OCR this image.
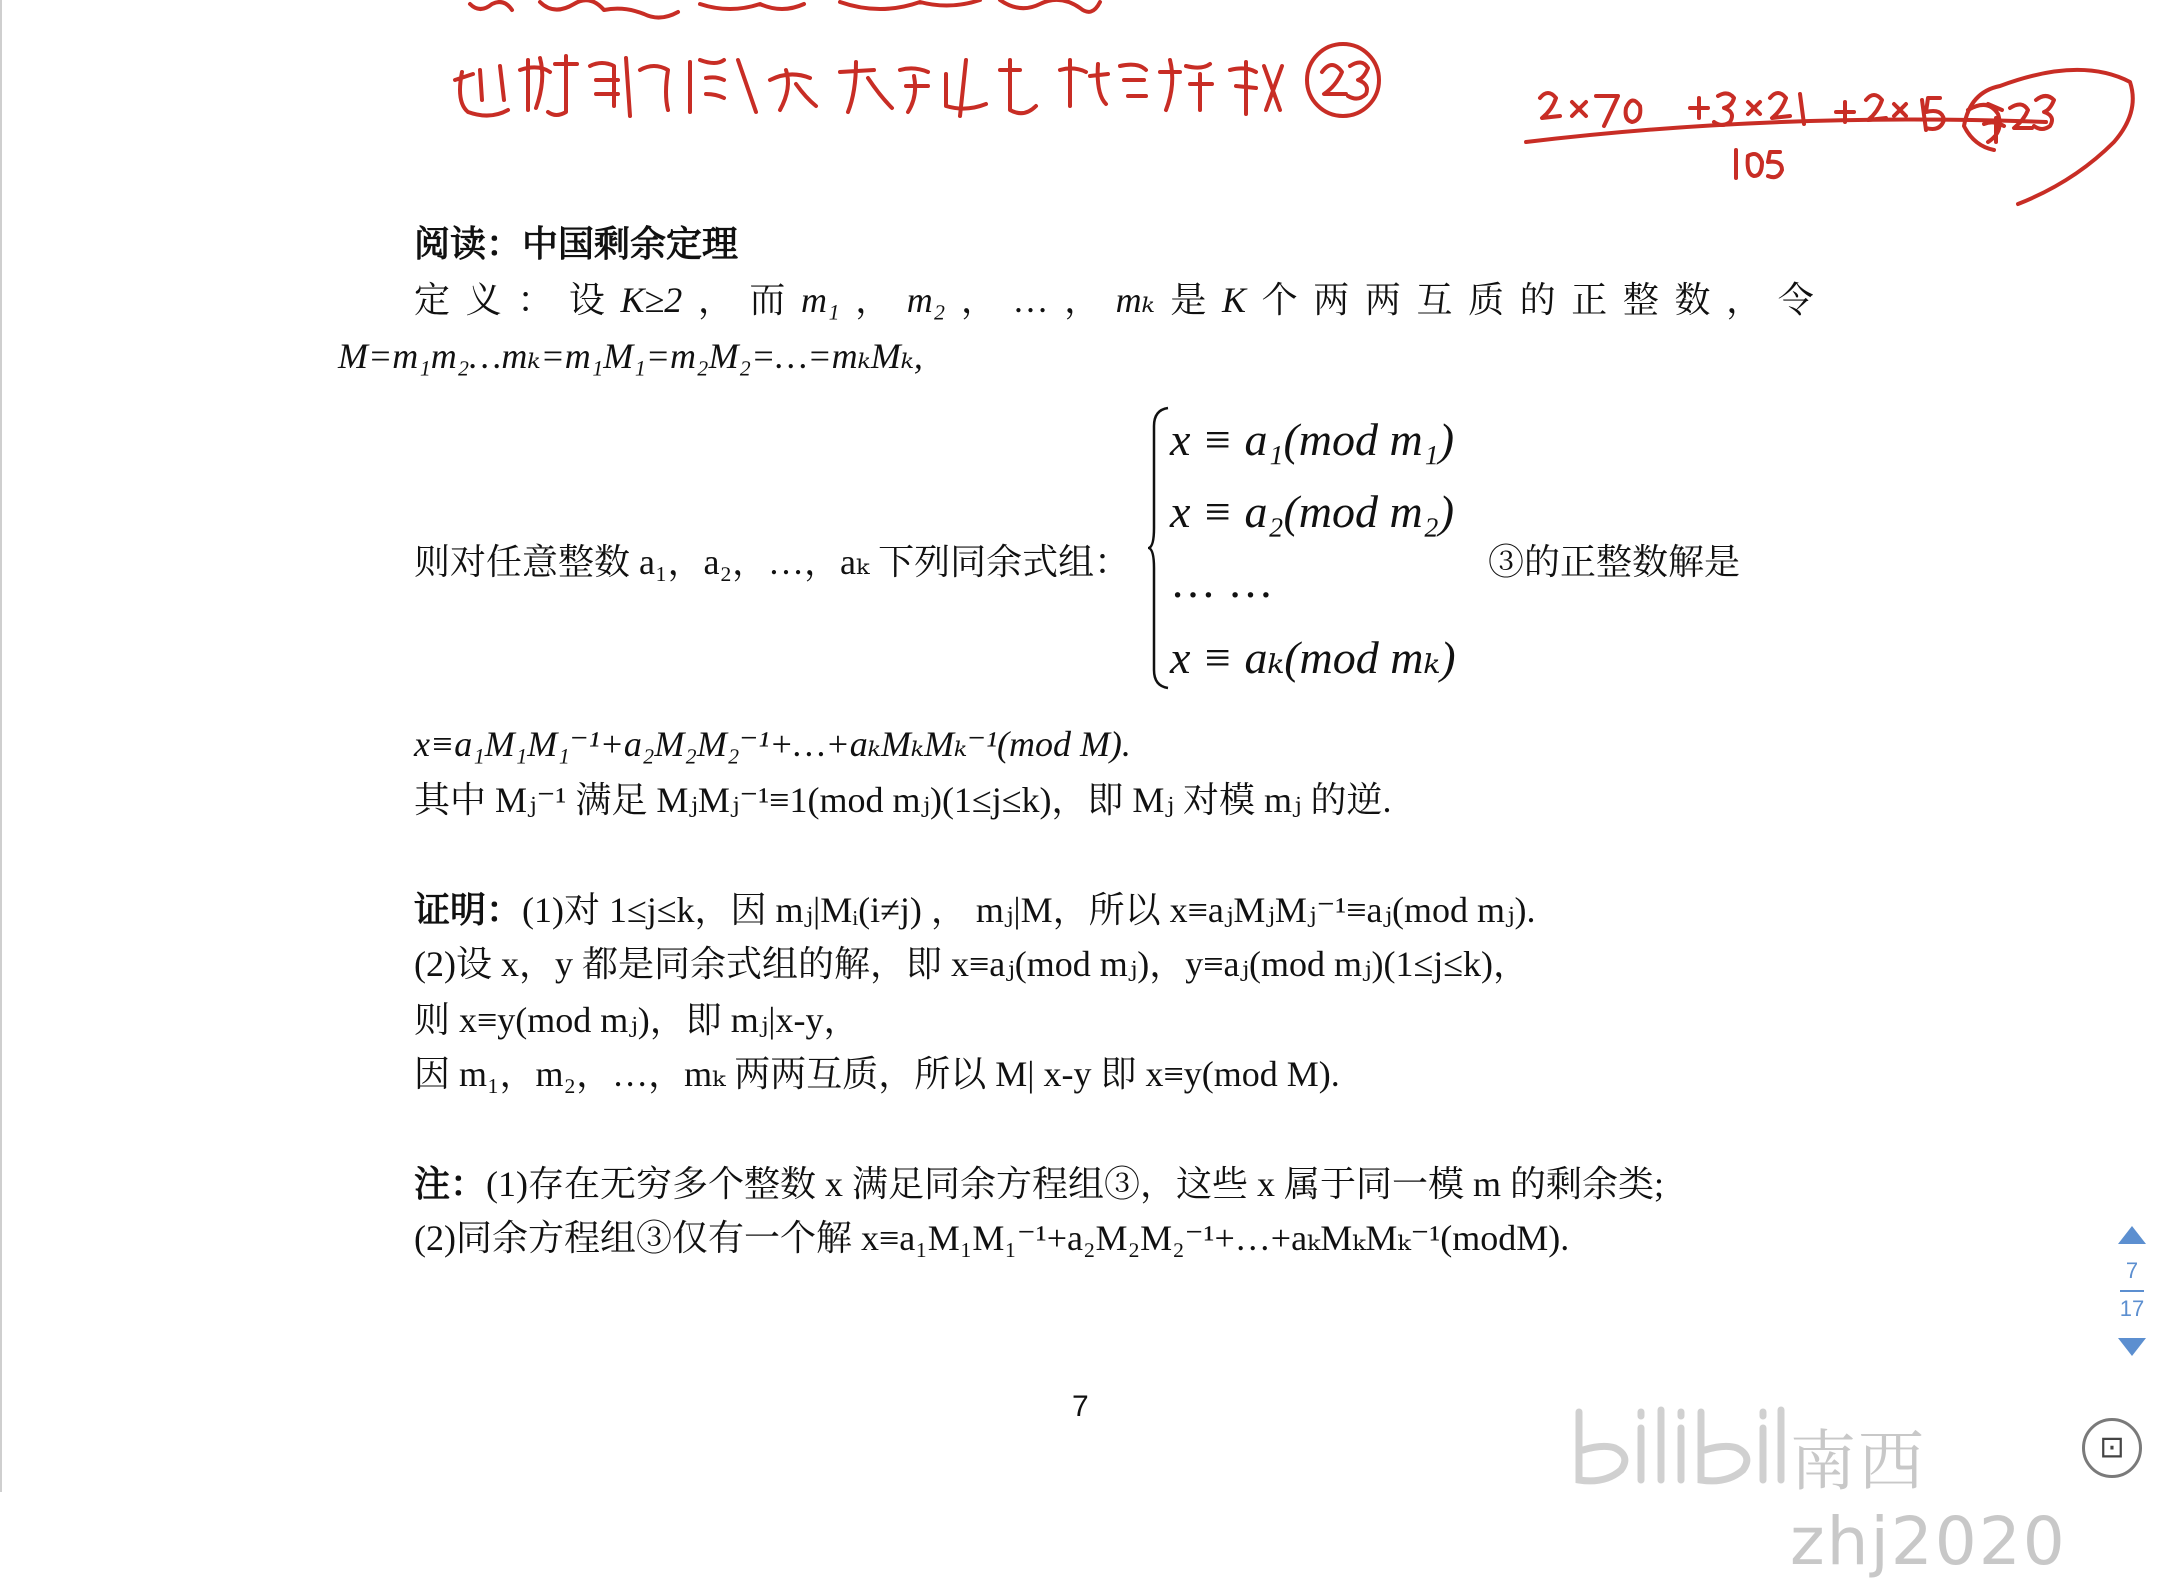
阅读：中国剩余定理
定 义 ： 设 K≥2 ， 而 m₁ ， m₂ ， … ， mₖ 是 K 个 两 两 互 质 的 正 整 数 ， 令
M=m₁m₂…mₖ=m₁M₁=m₂M₂=…=mₖMₖ,
则对任意整数 a₁，a₂，…，aₖ 下列同余式组：
x ≡ a₁(mod m₁)
x ≡ a₂(mod m₂)
… …
x ≡ aₖ(mod mₖ)
③的正整数解是
x≡a₁M₁M₁⁻¹+a₂M₂M₂⁻¹+…+aₖMₖMₖ⁻¹(mod M).
其中 Mⱼ⁻¹ 满足 MⱼMⱼ⁻¹≡1(mod mⱼ)(1≤j≤k)，即 Mⱼ 对模 mⱼ 的逆.
证明：(1)对 1≤j≤k，因 mⱼ|Mᵢ(i≠j) ， mⱼ|M，所以 x≡aⱼMⱼMⱼ⁻¹≡aⱼ(mod mⱼ).
(2)设 x，y 都是同余式组的解，即 x≡aⱼ(mod mⱼ)，y≡aⱼ(mod mⱼ)(1≤j≤k)，
则 x≡y(mod mⱼ)，即 mⱼ|x-y，
因 m₁，m₂，…，mₖ 两两互质，所以 M| x-y 即 x≡y(mod M).
注：(1)存在无穷多个整数 x 满足同余方程组③，这些 x 属于同一模 m 的剩余类;
(2)同余方程组③仅有一个解 x≡a₁M₁M₁⁻¹+a₂M₂M₂⁻¹+…+aₖMₖMₖ⁻¹(modM).
7
7
17
南西zhj2020
⊡
